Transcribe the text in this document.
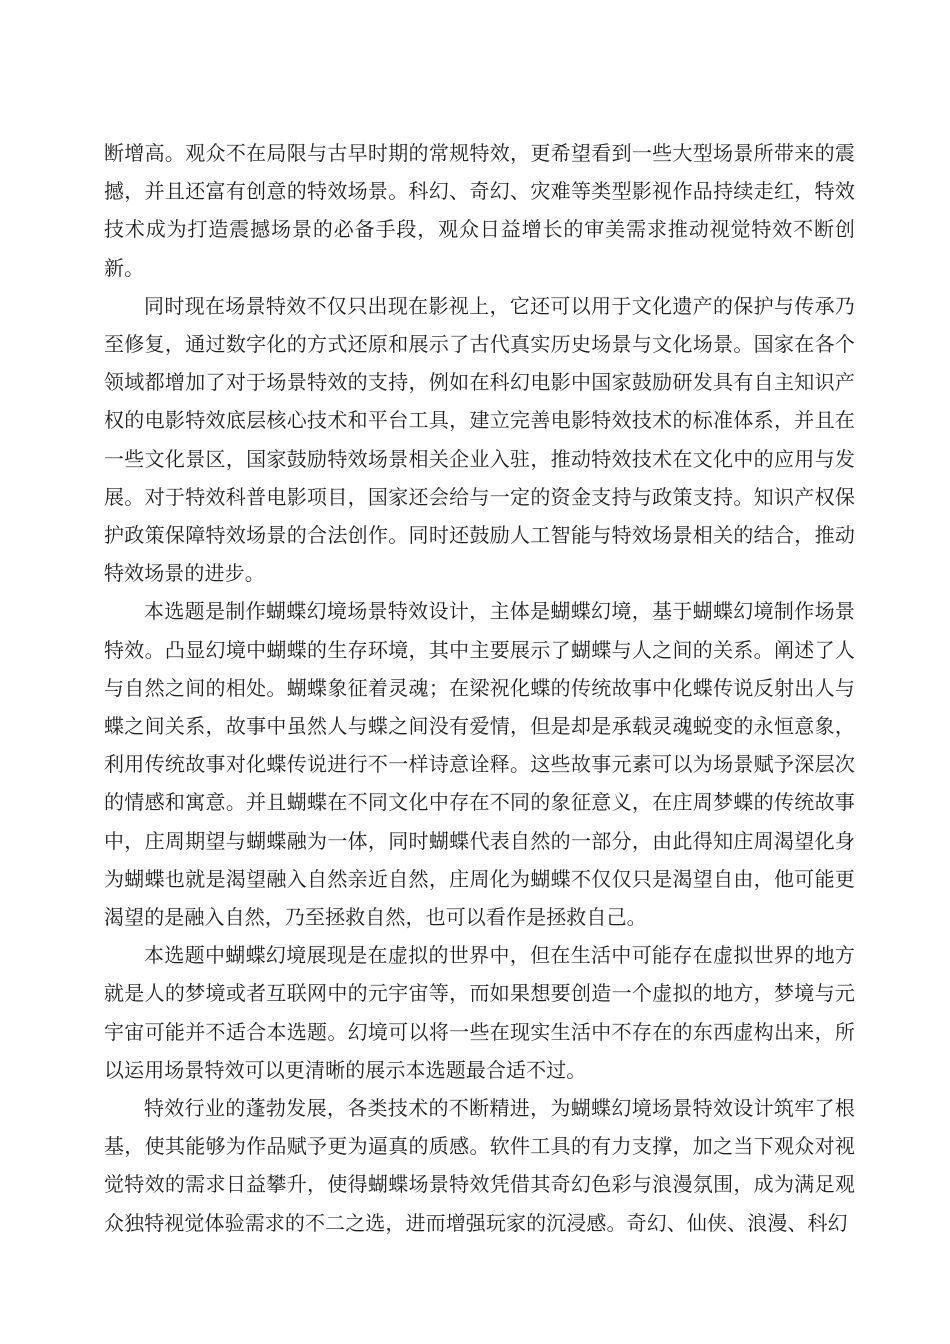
断增高。观众不在局限与古早时期的常规特效，更希望看到一些大型场景所带来的震撼，并且还富有创意的特效场景。科幻、奇幻、灾难等类型影视作品持续走红，特效技术成为打造震撼场景的必备手段，观众日益增长的审美需求推动视觉特效不断创新。

同时现在场景特效不仅只出现在影视上，它还可以用于文化遗产的保护与传承乃至修复，通过数字化的方式还原和展示了古代真实历史场景与文化场景。国家在各个领域都增加了对于场景特效的支持，例如在科幻电影中国家鼓励研发具有自主知识产权的电影特效底层核心技术和平台工具，建立完善电影特效技术的标准体系，并且在一些文化景区，国家鼓励特效场景相关企业入驻，推动特效技术在文化中的应用与发展。对于特效科普电影项目，国家还会给与一定的资金支持与政策支持。知识产权保护政策保障特效场景的合法创作。同时还鼓励人工智能与特效场景相关的结合，推动特效场景的进步。

本选题是制作蝴蝶幻境场景特效设计，主体是蝴蝶幻境，基于蝴蝶幻境制作场景特效。凸显幻境中蝴蝶的生存环境，其中主要展示了蝴蝶与人之间的关系。阐述了人与自然之间的相处。蝴蝶象征着灵魂；在梁祝化蝶的传统故事中化蝶传说反射出人与蝶之间关系，故事中虽然人与蝶之间没有爱情，但是却是承载灵魂蜕变的永恒意象，利用传统故事对化蝶传说进行不一样诗意诠释。这些故事元素可以为场景赋予深层次的情感和寓意。并且蝴蝶在不同文化中存在不同的象征意义，在庄周梦蝶的传统故事中，庄周期望与蝴蝶融为一体，同时蝴蝶代表自然的一部分，由此得知庄周渴望化身为蝴蝶也就是渴望融入自然亲近自然，庄周化为蝴蝶不仅仅只是渴望自由，他可能更渴望的是融入自然，乃至拯救自然，也可以看作是拯救自己。

本选题中蝴蝶幻境展现是在虚拟的世界中，但在生活中可能存在虚拟世界的地方就是人的梦境或者互联网中的元宇宙等，而如果想要创造一个虚拟的地方，梦境与元宇宙可能并不适合本选题。幻境可以将一些在现实生活中不存在的东西虚构出来，所以运用场景特效可以更清晰的展示本选题最合适不过。

特效行业的蓬勃发展，各类技术的不断精进，为蝴蝶幻境场景特效设计筑牢了根基，使其能够为作品赋予更为逼真的质感。软件工具的有力支撑，加之当下观众对视觉特效的需求日益攀升，使得蝴蝶场景特效凭借其奇幻色彩与浪漫氛围，成为满足观众独特视觉体验需求的不二之选，进而增强玩家的沉浸感。奇幻、仙侠、浪漫、科幻
